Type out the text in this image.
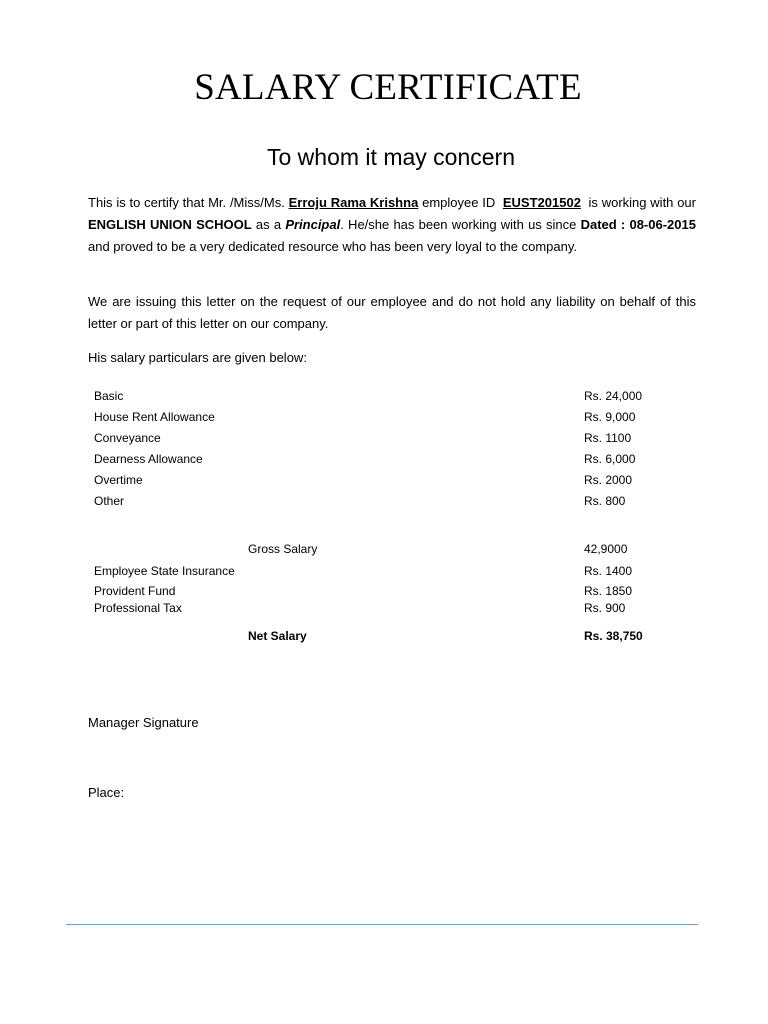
SALARY CERTIFICATE
To whom it may concern
This is to certify that Mr. /Miss/Ms. Erroju Rama Krishna employee ID EUST201502 is working with our ENGLISH UNION SCHOOL as a Principal. He/she has been working with us since Dated : 08-06-2015 and proved to be a very dedicated resource who has been very loyal to the company.
We are issuing this letter on the request of our employee and do not hold any liability on behalf of this letter or part of this letter on our company.
His salary particulars are given below:
Basic	Rs. 24,000
House Rent Allowance	Rs. 9,000
Conveyance	Rs. 1100
Dearness Allowance	Rs. 6,000
Overtime	Rs. 2000
Other	Rs. 800
Gross Salary	42,9000
Employee State Insurance	Rs. 1400
Provident Fund	Rs. 1850
Professional Tax	Rs. 900
Net Salary	Rs. 38,750
Manager Signature
Place:
